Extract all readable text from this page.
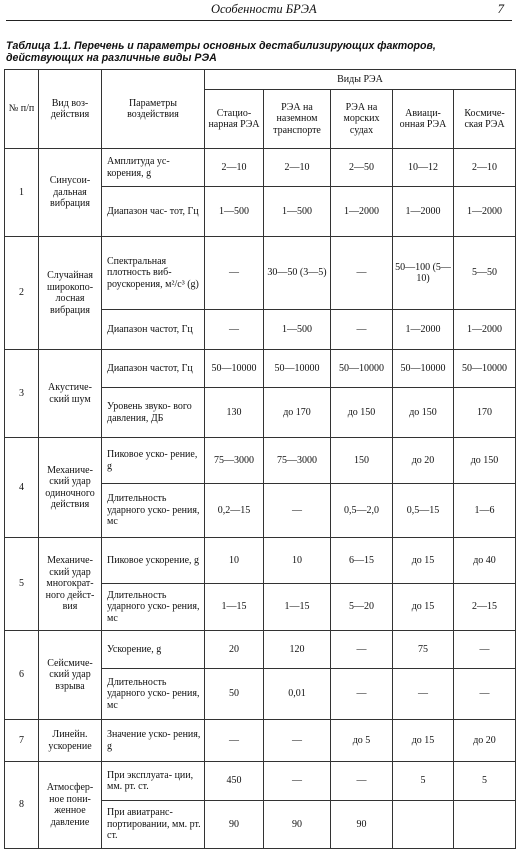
Особенности БРЭА	7
Таблица 1.1. Перечень и параметры основных дестабилизирующих факторов,
действующих на различные виды РЭА
№ п/п	Вид воз- действия	Параметры воздействия	Виды РЭА				
			Стацио- нарная РЭА	РЭА на наземном транспорте	РЭА на морских судах	Авиаци- онная РЭА	Космиче- ская РЭА
1	Синусои- дальная вибрация	Амплитуда ус- корения, g	2—10	2—10	2—50	10—12	2—10
		Диапазон час- тот, Гц	1—500	1—500	1—2000	1—2000	1—2000
2	Случайная широкопо- лосная вибрация	Спектральная плотность виб- роускорения, м²/с³ (g)	—	30—50 (3—5)	—	50—100 (5—10)	5—50
		Диапазон частот, Гц	—	1—500	—	1—2000	1—2000
3	Акустиче- ский шум	Диапазон частот, Гц	50—10000	50—10000	50—10000	50—10000	50—10000
		Уровень звуко- вого давления, ДБ	130	до 170	до 150	до 150	170
4	Механиче- ский удар одиночного действия	Пиковое уско- рение, g	75—3000	75—3000	150	до 20	до 150
		Длительность ударного уско- рения, мс	0,2—15	—	0,5—2,0	0,5—15	1—6
5	Механиче- ский удар многократ- ного дейст- вия	Пиковое ускорение, g	10	10	6—15	до 15	до 40
		Длительность ударного уско- рения, мс	1—15	1—15	5—20	до 15	2—15
6	Сейсмиче- ский удар взрыва	Ускорение, g	20	120	—	75	—
		Длительность ударного уско- рения, мс	50	0,01	—	—	—
7	Линейн. ускорение	Значение уско- рения, g	—	—	до 5	до 15	до 20
8	Атмосфер- ное пони- женное давление	При эксплуата- ции, мм. рт. ст.	450	—	—	5	5
		При авиатранс- портировании, мм. рт. ст.	90	90	90		
